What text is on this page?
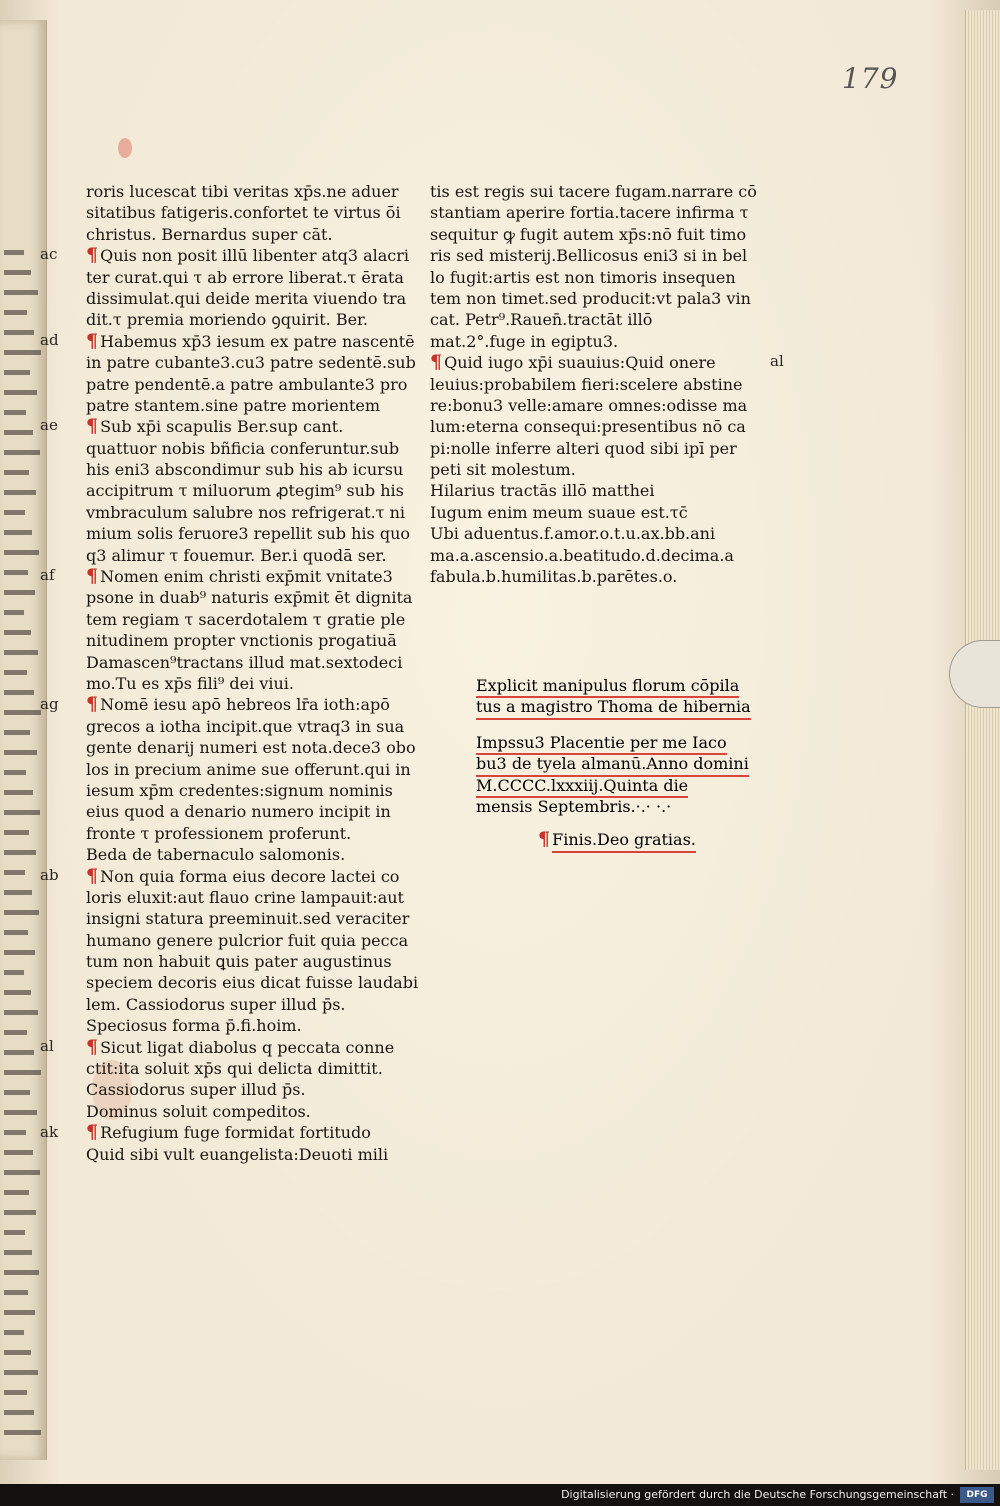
179
roris lucescat tibi veritas xp̄s.ne aduer
sitatibus fatigeris.confortet te virtus ōi
christus. Bernardus super cāt.
¶ Quis non posit illū libenter atq3 alacri
ter curat.qui τ ab errore liberat.τ ērata
dissimulat.qui deide merita viuendo tra
dit.τ premia moriendo ꝯquirit. Ber.
¶ Habemus xp̄3 iesum ex patre nascentē
in patre cubante3.cu3 patre sedentē.sub
patre pendentē.a patre ambulante3 pro
patre stantem.sine patre morientem
¶ Sub xp̄i scapulis Ber.sup cant.
quattuor nobis bñficia conferuntur.sub
his eni3 abscondimur sub his ab icursu
accipitrum τ miluorum ꝓtegim⁹ sub his
vmbraculum salubre nos refrigerat.τ ni
mium solis feruore3 repellit sub his quo
q3 alimur τ fouemur. Ber.i quodā ser.
¶ Nomen enim christi exp̄mit vnitate3
psone in duab⁹ naturis exp̄mit ēt dignita
tem regiam τ sacerdotalem τ gratie ple
nitudinem propter vnctionis progatiuā
Damascen⁹tractans illud mat.sextodeci
mo.Tu es xp̄s fili⁹ dei viui.
¶ Nomē iesu apō hebreos lr̄a ioth:apō
grecos a iotha incipit.que vtraq3 in sua
gente denarij numeri est nota.dece3 obo
los in precium anime sue offerunt.qui in
iesum xp̄m credentes:signum nominis
eius quod a denario numero incipit in
fronte τ professionem proferunt.
Beda de tabernaculo salomonis.
¶ Non quia forma eius decore lactei co
loris eluxit:aut flauo crine lampauit:aut
insigni statura preeminuit.sed veraciter
humano genere pulcrior fuit quia pecca
tum non habuit ꝗuis pater augustinus
speciem decoris eius dicat fuisse laudabi
lem. Cassiodorus super illud p̄s.
Speciosus forma p̄.fi.hoim.
¶ Sicut ligat diabolus q peccata conne
ctit:ita soluit xp̄s qui delicta dimittit.
Cassiodorus super illud p̄s.
Dominus soluit compeditos.
¶ Refugium fuge formidat fortitudo
Quid sibi vult euangelista:Deuoti mili
tis est regis sui tacere fugam.narrare cō
stantiam aperire fortia.tacere infirma τ
sequitur ꝙ fugit autem xp̄s:nō fuit timo
ris sed misterij.Bellicosus eni3 si in bel
lo fugit:artis est non timoris insequen
tem non timet.sed producit:vt pala3 vin
cat. Petr⁹.Rauen̄.tractāt illō
mat.2°.fuge in egiptu3.
¶ Quid iugo xp̄i suauius:Quid onere
leuius:probabilem fieri:scelere abstine
re:bonu3 velle:amare omnes:odisse ma
lum:eterna consequi:presentibus nō ca
pi:nolle inferre alteri quod sibi ipī per
peti sit molestum.
Hilarius tractās illō matthei
Iugum enim meum suaue est.τc̄
Ubi aduentus.f.amor.o.t.u.ax.bb.ani
ma.a.ascensio.a.beatitudo.d.decima.a
fabula.b.humilitas.b.parētes.o.
Explicit manipulus florum cōpila
tus a magistro Thoma de hibernia
Impssu3 Placentie per me Iaco
bu3 de tyela almanū.Anno domini
M.CCCC.lxxxiij.Quinta die
mensis Septembris.·.· ·.·
¶ Finis.Deo gratias.
ac
ad
ae
af
ag
ab
al
ak
al
Digitalisierung gefördert durch die Deutsche Forschungsgemeinschaft ·	DFG
